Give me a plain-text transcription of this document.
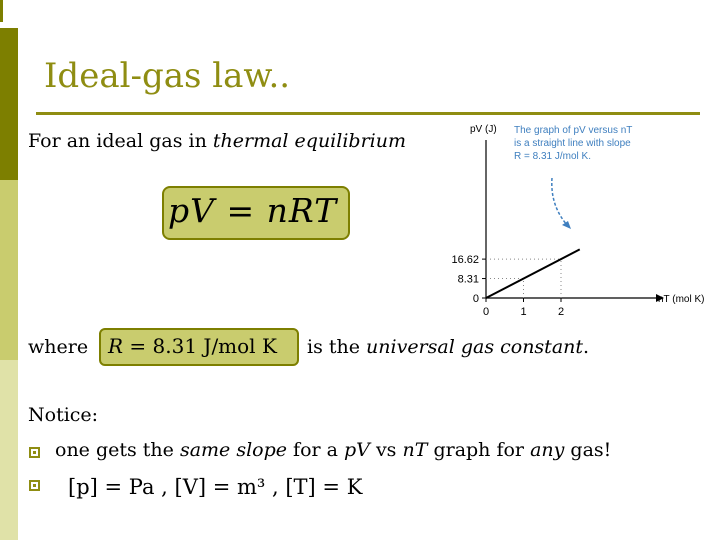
Ideal-gas law..
For an ideal gas in thermal equilibrium
pV = nRT
where R = 8.31 J/mol K is the universal gas constant.
Notice:
one gets the same slope for a pV vs nT graph for any gas!
[p] = Pa , [V] = m³ , [T] = K
pV (J)
nT (mol K)
0	1	2
0
8.31
16.62
The graph of pV versus nT
is a straight line with slope
R = 8.31 J/mol K.
